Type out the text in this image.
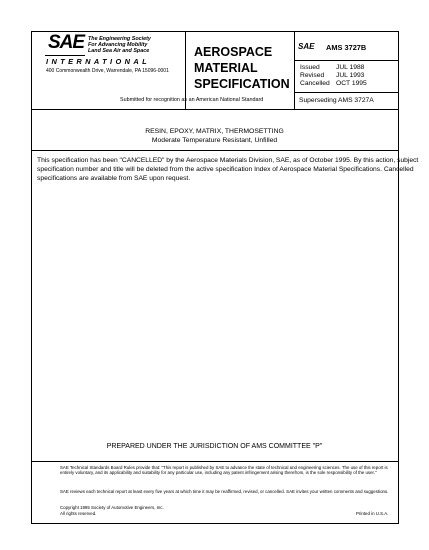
SAE The Engineering Society
For Advancing Mobility
Land Sea Air and Space
INTERNATIONAL
400 Commonwealth Drive, Warrendale, PA 15096-0001
AEROSPACE
MATERIAL
SPECIFICATION
Submitted for recognition as an American National Standard
SAE AMS 3727B
Issued JUL 1988
Revised JUL 1993
Cancelled OCT 1995
Superseding AMS 3727A
RESIN, EPOXY, MATRIX, THERMOSETTING
Moderate Temperature Resistant, Unfilled
This specification has been "CANCELLED" by the Aerospace Materials Division, SAE, as of October 1995. By this action, subject specification number and title will be deleted from the active specification Index of Aerospace Material Specifications. Cancelled specifications are available from SAE upon request.
PREPARED UNDER THE JURISDICTION OF AMS COMMITTEE "P"
SAE Technical Standards Board Rules provide that: "This report is published by SAE to advance the state of technical and engineering sciences. The use of this report is entirely voluntary, and its applicability and suitability for any particular use, including any patent infringement arising therefrom, is the sole responsibility of the user."
SAE reviews each technical report at least every five years at which time it may be reaffirmed, revised, or cancelled. SAE invites your written comments and suggestions.
Copyright 1995 Society of Automotive Engineers, Inc.
All rights reserved.	Printed in U.S.A.
